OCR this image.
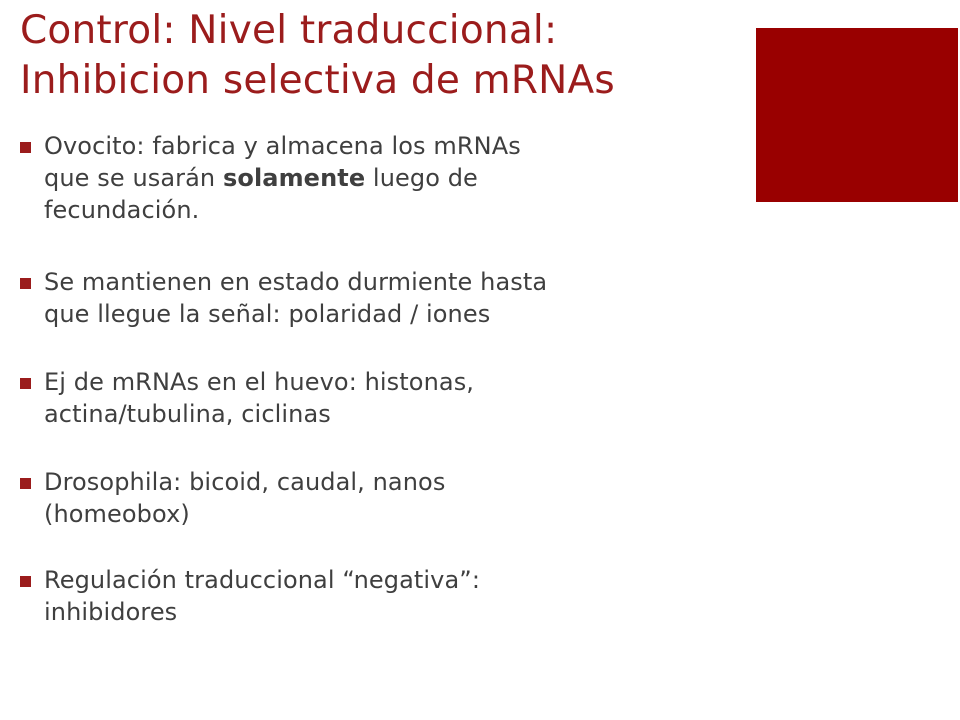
Control: Nivel traduccional:
Inhibicion selectiva de mRNAs
Ovocito: fabrica y almacena los mRNAs
que se usarán solamente luego de
fecundación.
Se mantienen en estado durmiente hasta
que llegue la señal: polaridad / iones
Ej de mRNAs en el huevo: histonas,
actina/tubulina, ciclinas
Drosophila: bicoid, caudal, nanos
(homeobox)
Regulación traduccional “negativa”:
inhibidores
